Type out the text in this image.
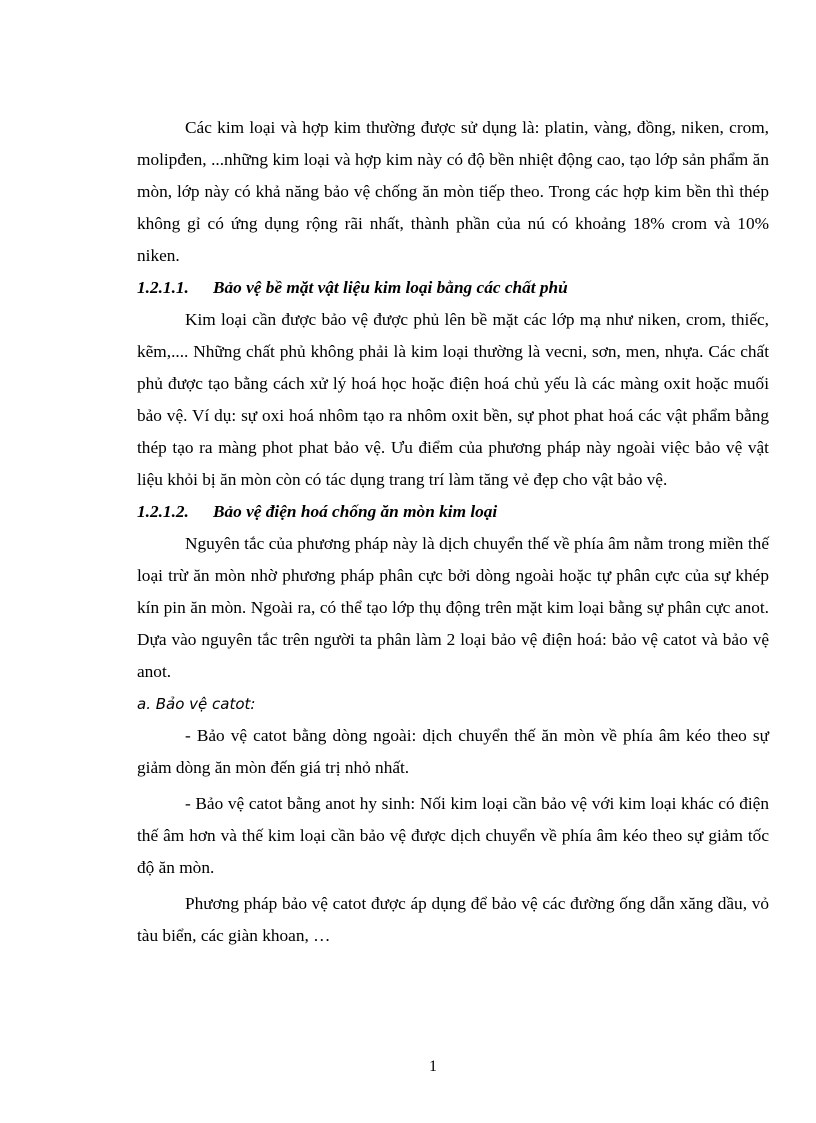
Các kim loại và hợp kim thường được sử dụng là: platin, vàng, đồng, niken, crom, molipđen, ...những kim loại và hợp kim này có độ bền nhiệt động cao, tạo lớp sản phẩm ăn mòn, lớp này có khả năng bảo vệ chống ăn mòn tiếp theo. Trong các hợp kim bền thì thép không gỉ có ứng dụng rộng rãi nhất, thành phần của nú có khoảng 18% crom và 10% niken.

1.2.1.1. Bảo vệ bề mặt vật liệu kim loại bằng các chất phủ

Kim loại cần được bảo vệ được phủ lên bề mặt các lớp mạ như niken, crom, thiếc, kẽm,.... Những chất phủ không phải là kim loại thường là vecni, sơn, men, nhựa. Các chất phủ được tạo bằng cách xử lý hoá học hoặc điện hoá chủ yếu là các màng oxit hoặc muối bảo vệ. Ví dụ: sự oxi hoá nhôm tạo ra nhôm oxit bền, sự phot phat hoá các vật phẩm bằng thép tạo ra màng phot phat bảo vệ. Ưu điểm của phương pháp này ngoài việc bảo vệ vật liệu khỏi bị ăn mòn còn có tác dụng trang trí làm tăng vẻ đẹp cho vật bảo vệ.

1.2.1.2. Bảo vệ điện hoá chống ăn mòn kim loại

Nguyên tắc của phương pháp này là dịch chuyển thế về phía âm nằm trong miền thế loại trừ ăn mòn nhờ phương pháp phân cực bởi dòng ngoài hoặc tự phân cực của sự khép kín pin ăn mòn. Ngoài ra, có thể tạo lớp thụ động trên mặt kim loại bằng sự phân cực anot. Dựa vào nguyên tắc trên người ta phân làm 2 loại bảo vệ điện hoá: bảo vệ catot và bảo vệ anot.

a. Bảo vệ catot:

- Bảo vệ catot bằng dòng ngoài: dịch chuyển thế ăn mòn về phía âm kéo theo sự giảm dòng ăn mòn đến giá trị nhỏ nhất.

- Bảo vệ catot bằng anot hy sinh: Nối kim loại cần bảo vệ với kim loại khác có điện thế âm hơn và thế kim loại cần bảo vệ được dịch chuyển về phía âm kéo theo sự giảm tốc độ ăn mòn.

Phương pháp bảo vệ catot được áp dụng để bảo vệ các đường ống dẫn xăng dầu, vỏ tàu biển, các giàn khoan, …

1
